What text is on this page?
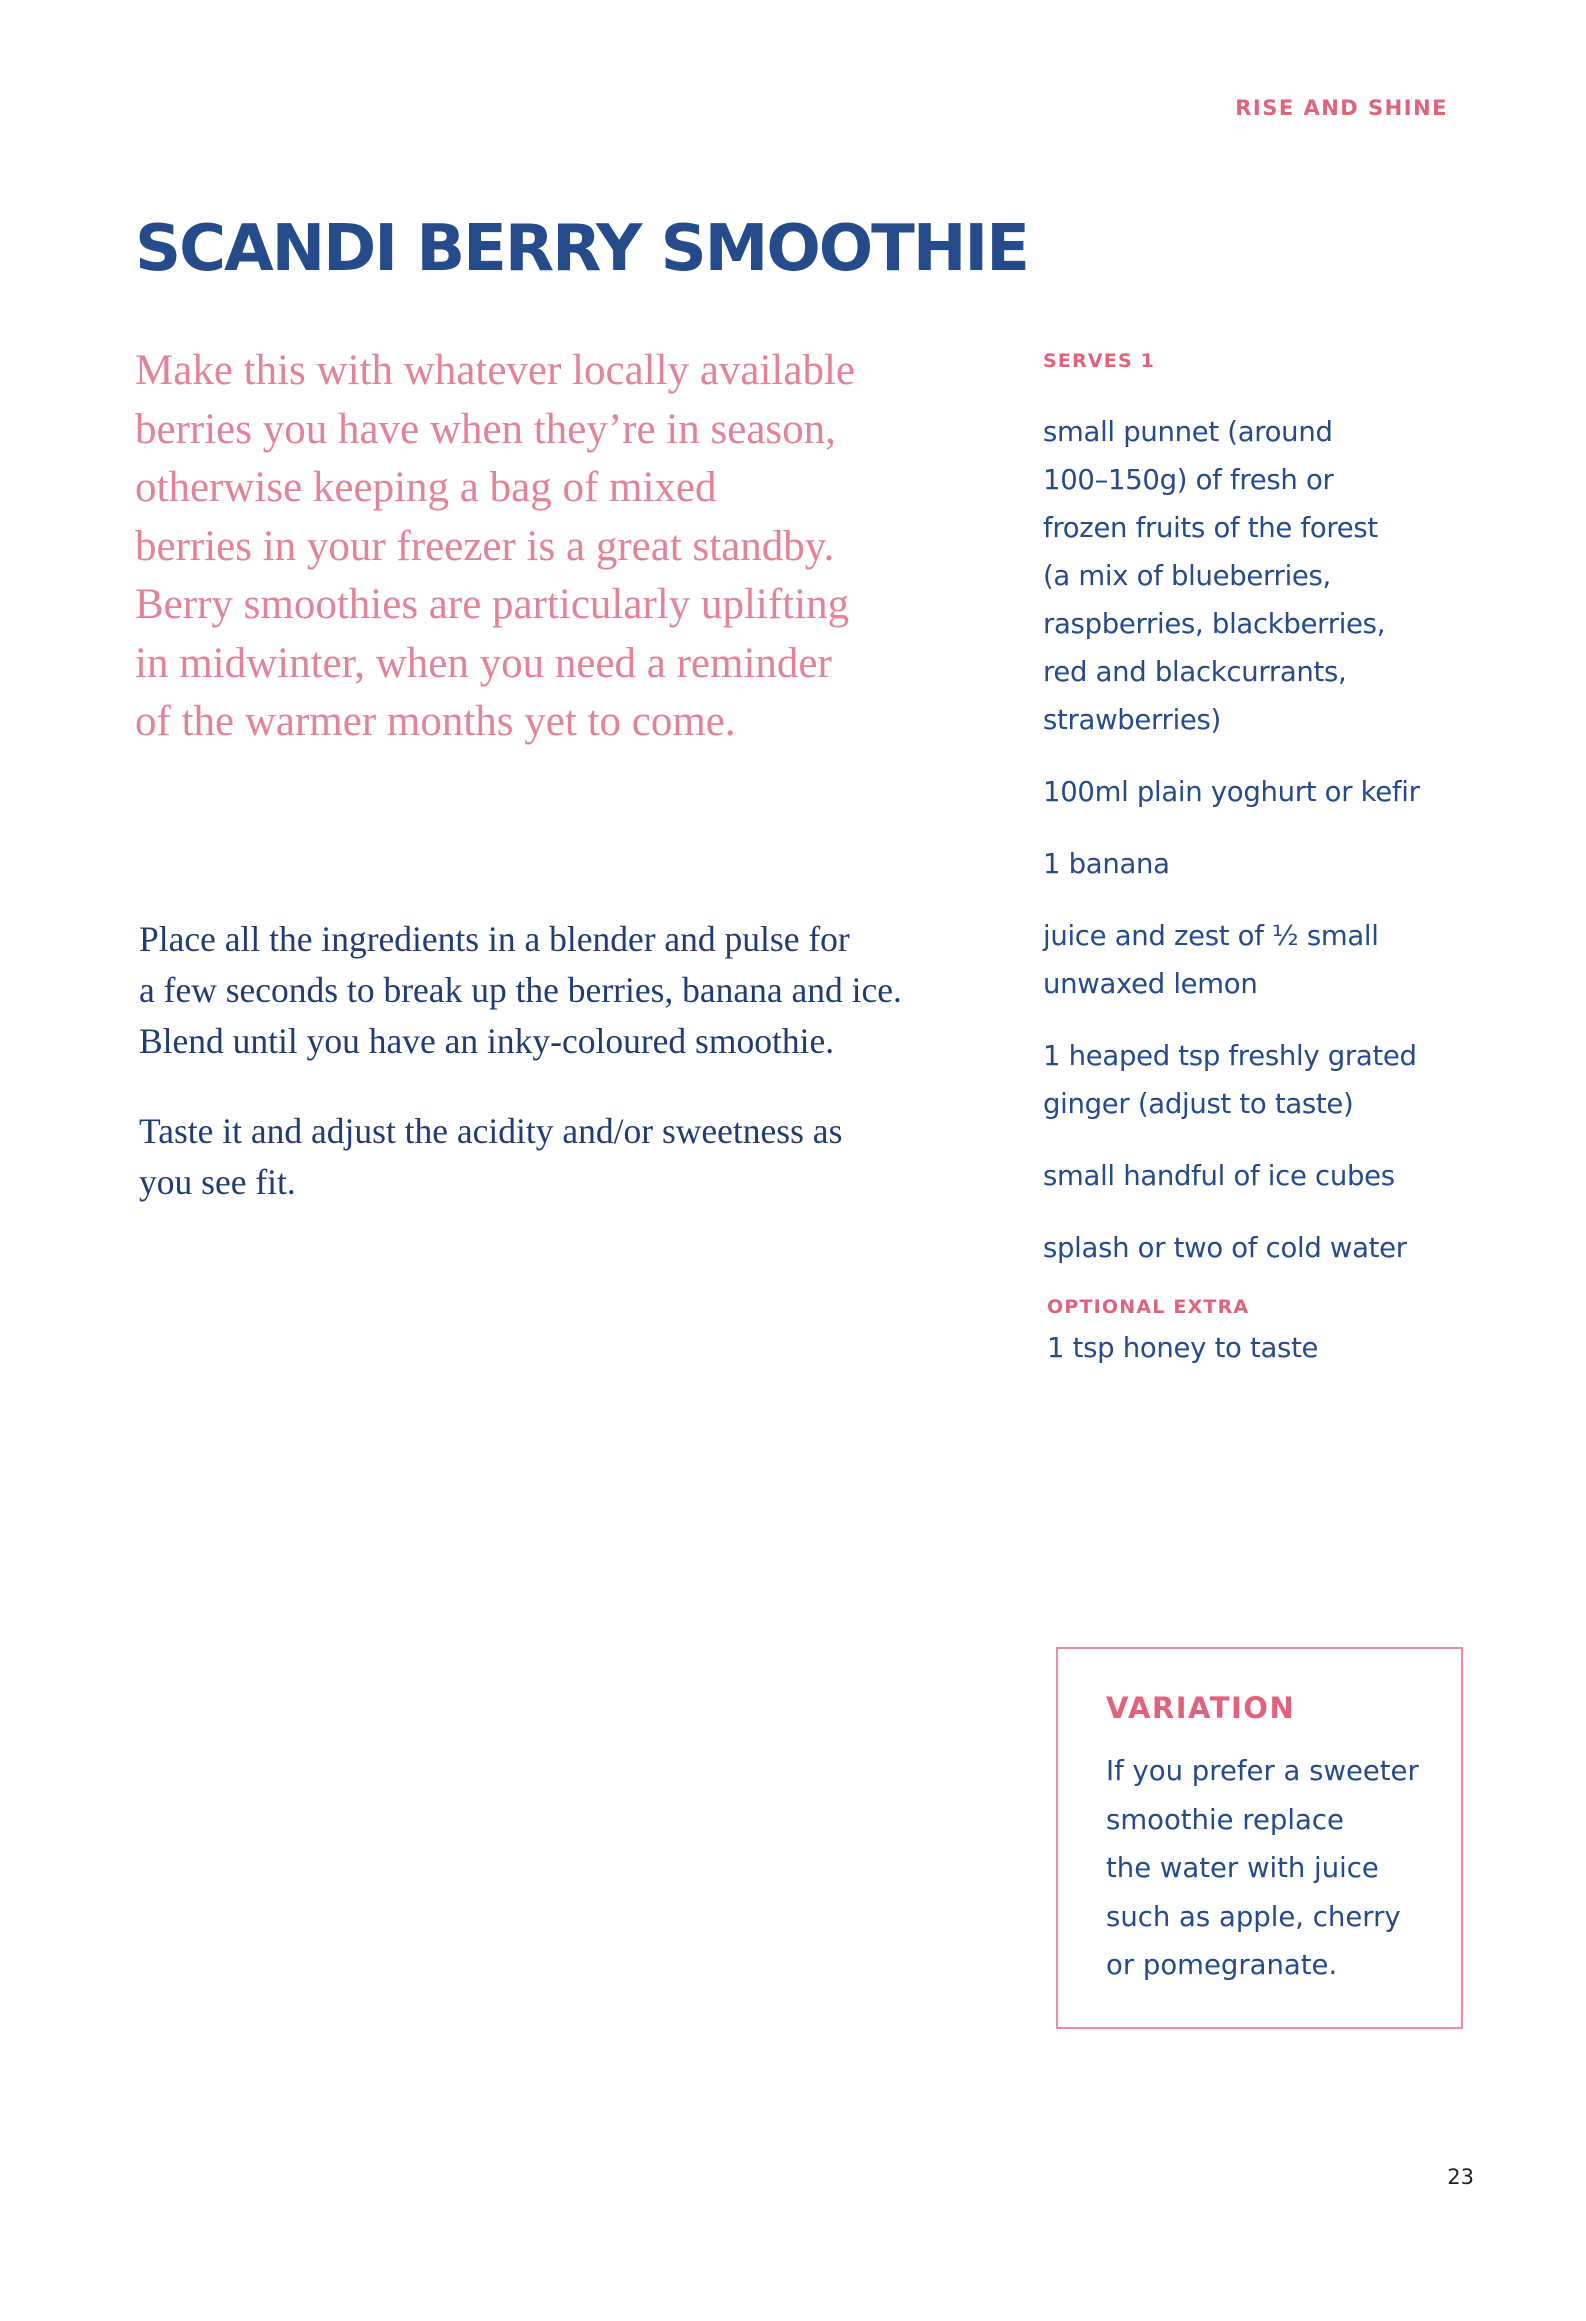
RISE AND SHINE
SCANDI BERRY SMOOTHIE
Make this with whatever locally available
berries you have when they’re in season,
otherwise keeping a bag of mixed
berries in your freezer is a great standby.
Berry smoothies are particularly uplifting
in midwinter, when you need a reminder
of the warmer months yet to come.

Place all the ingredients in a blender and pulse for
a few seconds to break up the berries, banana and ice.
Blend until you have an inky-coloured smoothie.

Taste it and adjust the acidity and/or sweetness as
you see fit.

SERVES 1
small punnet (around
100–150g) of fresh or
frozen fruits of the forest
(a mix of blueberries,
raspberries, blackberries,
red and blackcurrants,
strawberries)
100ml plain yoghurt or kefir
1 banana
juice and zest of ½ small
unwaxed lemon
1 heaped tsp freshly grated
ginger (adjust to taste)
small handful of ice cubes
splash or two of cold water
OPTIONAL EXTRA
1 tsp honey to taste
VARIATION

If you prefer a sweeter
smoothie replace
the water with juice
such as apple, cherry
or pomegranate.

23
